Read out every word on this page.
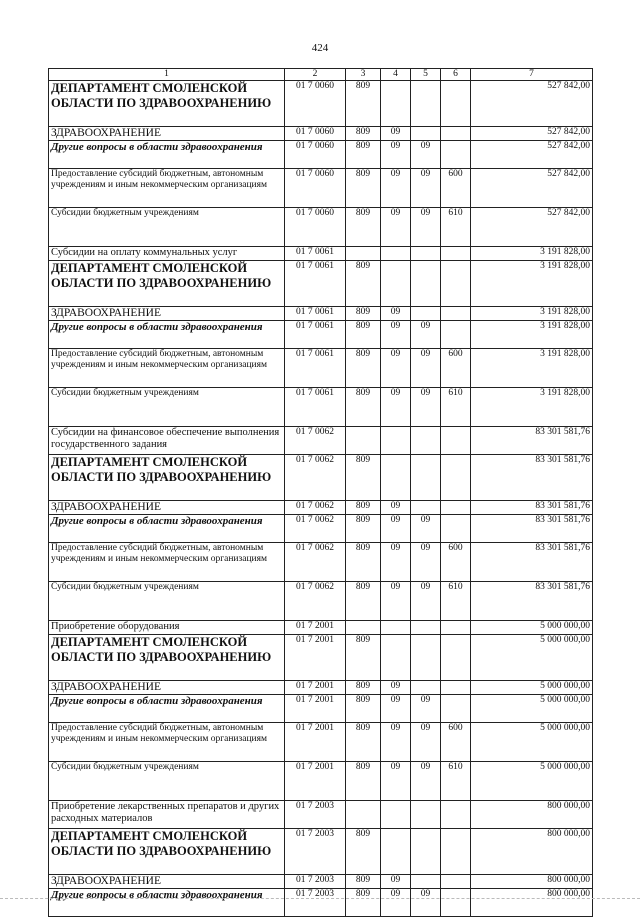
424
1	2	3	4	5	6	7
ДЕПАРТАМЕНТ СМОЛЕНСКОЙ ОБЛАСТИ ПО ЗДРАВООХРАНЕНИЮ	01 7 0060	809				527 842,00
ЗДРАВООХРАНЕНИЕ	01 7 0060	809	09			527 842,00
Другие вопросы в области здравоохранения	01 7 0060	809	09	09		527 842,00
Предоставление субсидий бюджетным, автономным учреждениям и иным некоммерческим организациям	01 7 0060	809	09	09	600	527 842,00
Субсидии бюджетным учреждениям	01 7 0060	809	09	09	610	527 842,00
Субсидии на оплату коммунальных услуг	01 7 0061					3 191 828,00
ДЕПАРТАМЕНТ СМОЛЕНСКОЙ ОБЛАСТИ ПО ЗДРАВООХРАНЕНИЮ	01 7 0061	809				3 191 828,00
ЗДРАВООХРАНЕНИЕ	01 7 0061	809	09			3 191 828,00
Другие вопросы в области здравоохранения	01 7 0061	809	09	09		3 191 828,00
Предоставление субсидий бюджетным, автономным учреждениям и иным некоммерческим организациям	01 7 0061	809	09	09	600	3 191 828,00
Субсидии бюджетным учреждениям	01 7 0061	809	09	09	610	3 191 828,00
Субсидии на финансовое обеспечение выполнения государственного задания	01 7 0062					83 301 581,76
ДЕПАРТАМЕНТ СМОЛЕНСКОЙ ОБЛАСТИ ПО ЗДРАВООХРАНЕНИЮ	01 7 0062	809				83 301 581,76
ЗДРАВООХРАНЕНИЕ	01 7 0062	809	09			83 301 581,76
Другие вопросы в области здравоохранения	01 7 0062	809	09	09		83 301 581,76
Предоставление субсидий бюджетным, автономным учреждениям и иным некоммерческим организациям	01 7 0062	809	09	09	600	83 301 581,76
Субсидии бюджетным учреждениям	01 7 0062	809	09	09	610	83 301 581,76
Приобретение оборудования	01 7 2001					5 000 000,00
ДЕПАРТАМЕНТ СМОЛЕНСКОЙ ОБЛАСТИ ПО ЗДРАВООХРАНЕНИЮ	01 7 2001	809				5 000 000,00
ЗДРАВООХРАНЕНИЕ	01 7 2001	809	09			5 000 000,00
Другие вопросы в области здравоохранения	01 7 2001	809	09	09		5 000 000,00
Предоставление субсидий бюджетным, автономным учреждениям и иным некоммерческим организациям	01 7 2001	809	09	09	600	5 000 000,00
Субсидии бюджетным учреждениям	01 7 2001	809	09	09	610	5 000 000,00
Приобретение лекарственных препаратов и других расходных материалов	01 7 2003					800 000,00
ДЕПАРТАМЕНТ СМОЛЕНСКОЙ ОБЛАСТИ ПО ЗДРАВООХРАНЕНИЮ	01 7 2003	809				800 000,00
ЗДРАВООХРАНЕНИЕ	01 7 2003	809	09			800 000,00
Другие вопросы в области здравоохранения	01 7 2003	809	09	09		800 000,00
